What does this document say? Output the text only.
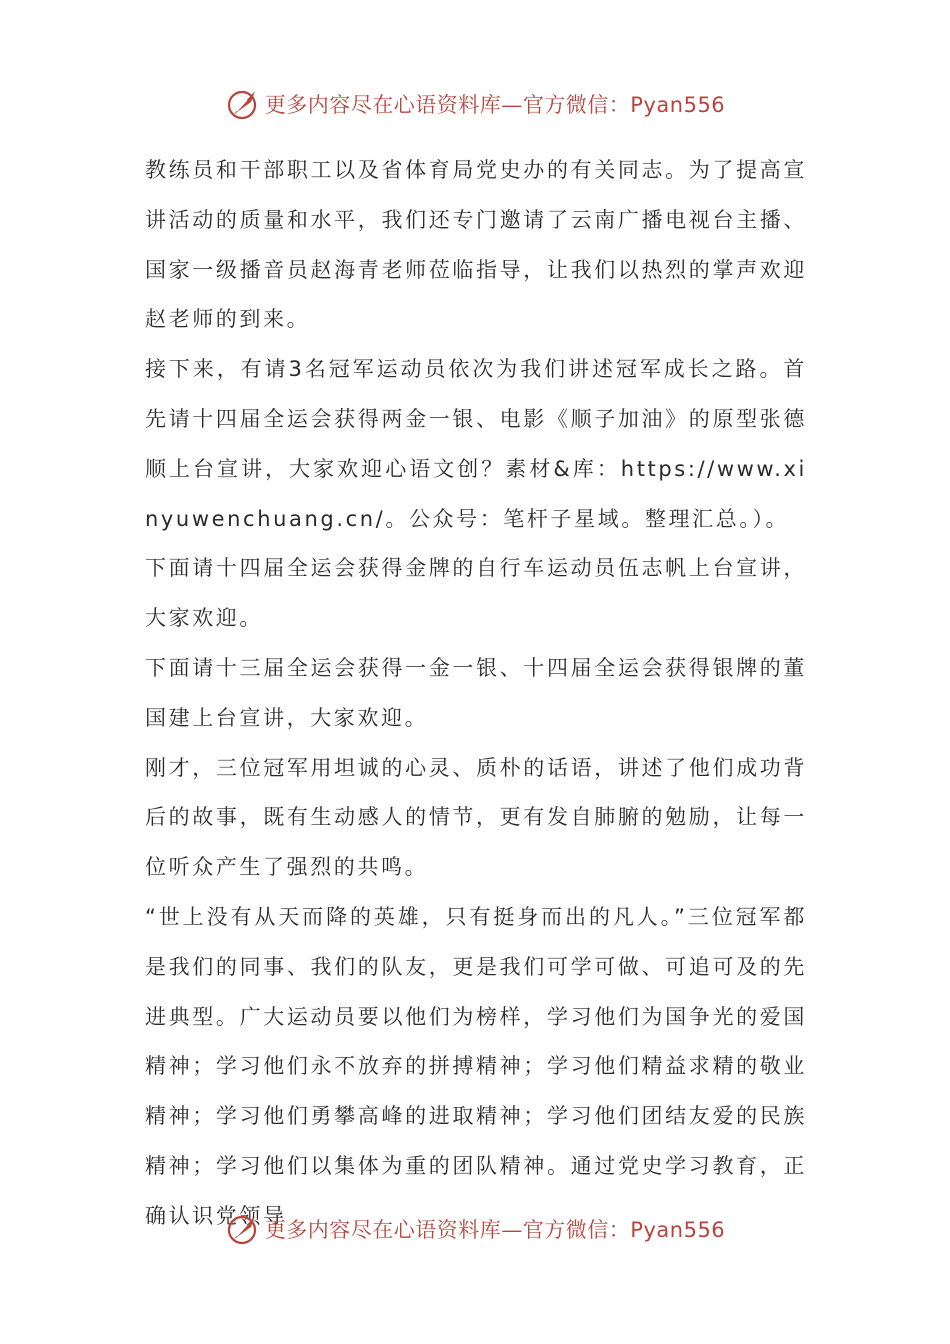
更多内容尽在心语资料库—官方微信：Pyan556

教练员和干部职工以及省体育局党史办的有关同志。为了提高宣讲活动的质量和水平，我们还专门邀请了云南广播电视台主播、国家一级播音员赵海青老师莅临指导，让我们以热烈的掌声欢迎赵老师的到来。

接下来，有请3名冠军运动员依次为我们讲述冠军成长之路。首先请十四届全运会获得两金一银、电影《顺子加油》的原型张德顺上台宣讲，大家欢迎心语文创？素材&库：https://www.xinyuwenchuang.cn/。公众号：笔杆子星域。整理汇总。）。

下面请十四届全运会获得金牌的自行车运动员伍志帆上台宣讲，大家欢迎。

下面请十三届全运会获得一金一银、十四届全运会获得银牌的董国建上台宣讲，大家欢迎。

刚才，三位冠军用坦诚的心灵、质朴的话语，讲述了他们成功背后的故事，既有生动感人的情节，更有发自肺腑的勉励，让每一位听众产生了强烈的共鸣。

“世上没有从天而降的英雄，只有挺身而出的凡人。”三位冠军都是我们的同事、我们的队友，更是我们可学可做、可追可及的先进典型。广大运动员要以他们为榜样，学习他们为国争光的爱国精神；学习他们永不放弃的拼搏精神；学习他们精益求精的敬业精神；学习他们勇攀高峰的进取精神；学习他们团结友爱的民族精神；学习他们以集体为重的团队精神。通过党史学习教育，正确认识党领导

更多内容尽在心语资料库—官方微信：Pyan556
